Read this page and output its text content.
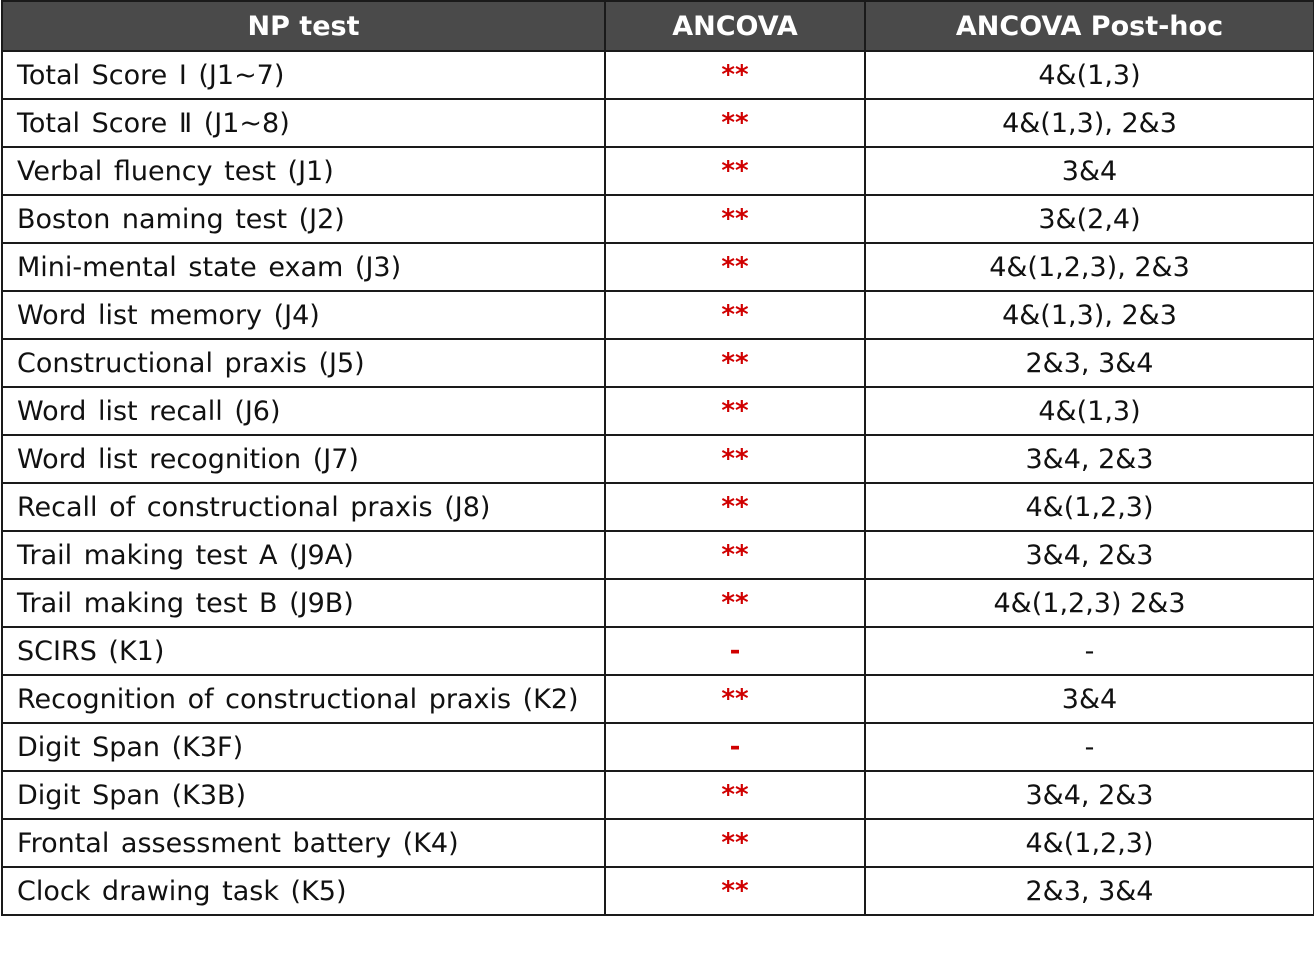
NP test	ANCOVA	ANCOVA Post-hoc
Total Score Ⅰ (J1~7)	**	4&(1,3)
Total Score Ⅱ (J1~8)	**	4&(1,3), 2&3
Verbal fluency test (J1)	**	3&4
Boston naming test (J2)	**	3&(2,4)
Mini-mental state exam (J3)	**	4&(1,2,3), 2&3
Word list memory (J4)	**	4&(1,3), 2&3
Constructional praxis (J5)	**	2&3, 3&4
Word list recall (J6)	**	4&(1,3)
Word list recognition (J7)	**	3&4, 2&3
Recall of constructional praxis (J8)	**	4&(1,2,3)
Trail making test A (J9A)	**	3&4, 2&3
Trail making test B (J9B)	**	4&(1,2,3) 2&3
SCIRS (K1)	-	-
Recognition of constructional praxis (K2)	**	3&4
Digit Span (K3F)	-	-
Digit Span (K3B)	**	3&4, 2&3
Frontal assessment battery (K4)	**	4&(1,2,3)
Clock drawing task (K5)	**	2&3, 3&4
